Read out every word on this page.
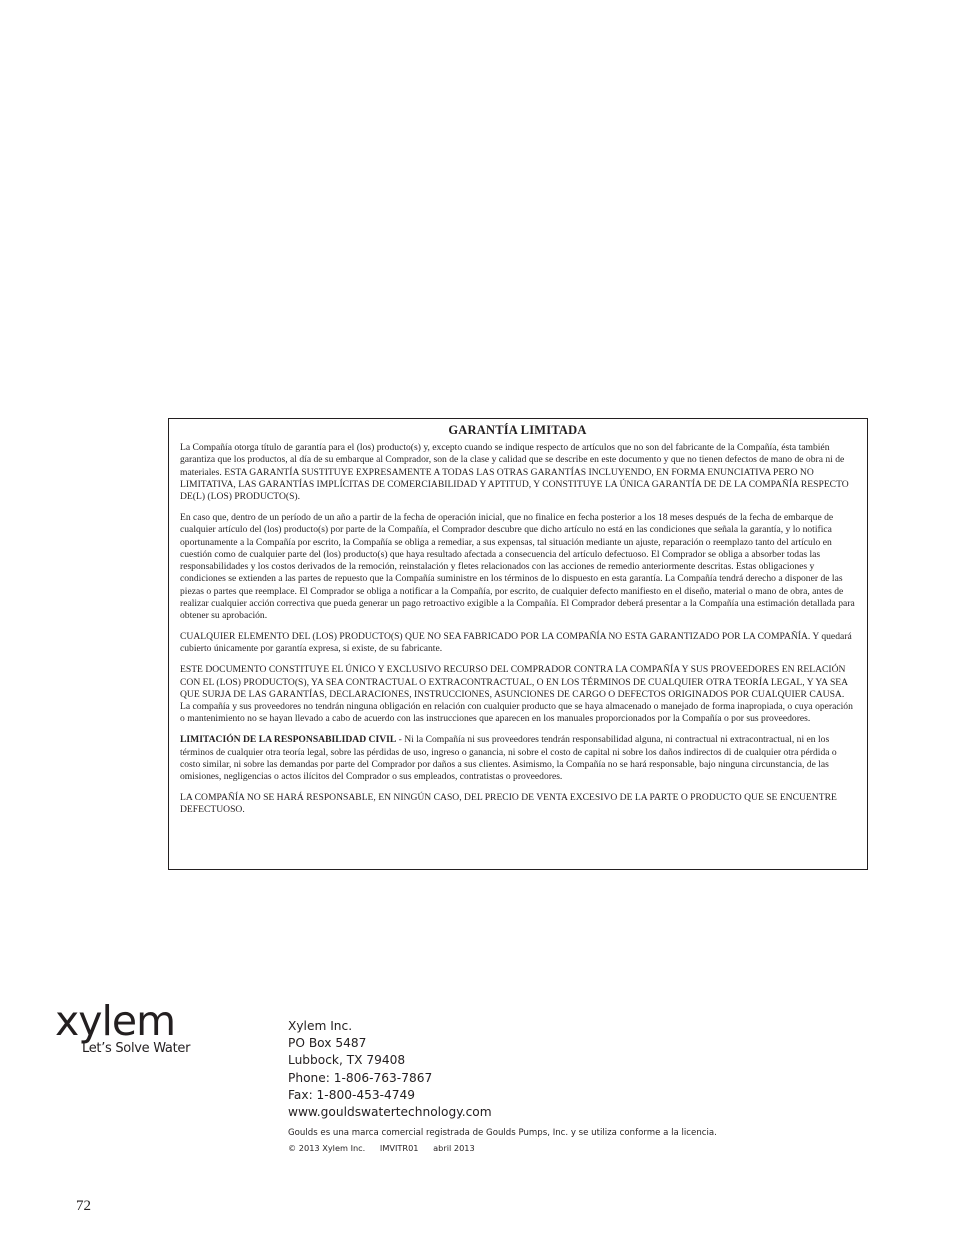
GARANTÍA LIMITADA

La Compañía otorga título de garantía para el (los) producto(s) y, excepto cuando se indique respecto de artículos que no son del fabricante de la Compañía, ésta también garantiza que los productos, al día de su embarque al Comprador, son de la clase y calidad que se describe en este documento y que no tienen defectos de mano de obra ni de materiales. ESTA GARANTÍA SUSTITUYE EXPRESAMENTE A TODAS LAS OTRAS GARANTÍAS INCLUYENDO, EN FORMA ENUNCIATIVA PERO NO LIMITATIVA, LAS GARANTÍAS IMPLÍCITAS DE COMERCIABILIDAD Y APTITUD, Y CONSTITUYE LA ÚNICA GARANTÍA DE DE LA COMPAÑÍA RESPECTO DE(L) (LOS) PRODUCTO(S).

En caso que, dentro de un período de un año a partir de la fecha de operación inicial, que no finalice en fecha posterior a los 18 meses después de la fecha de embarque de cualquier artículo del (los) producto(s) por parte de la Compañía, el Comprador descubre que dicho artículo no está en las condiciones que señala la garantía, y lo notifica oportunamente a la Compañía por escrito, la Compañía se obliga a remediar, a sus expensas, tal situación mediante un ajuste, reparación o reemplazo tanto del artículo en cuestión como de cualquier parte del (los) producto(s) que haya resultado afectada a consecuencia del artículo defectuoso. El Comprador se obliga a absorber todas las responsabilidades y los costos derivados de la remoción, reinstalación y fletes relacionados con las acciones de remedio anteriormente descritas. Estas obligaciones y condiciones se extienden a las partes de repuesto que la Compañía suministre en los términos de lo dispuesto en esta garantía. La Compañía tendrá derecho a disponer de las piezas o partes que reemplace. El Comprador se obliga a notificar a la Compañía, por escrito, de cualquier defecto manifiesto en el diseño, material o mano de obra, antes de realizar cualquier acción correctiva que pueda generar un pago retroactivo exigible a la Compañía. El Comprador deberá presentar a la Compañía una estimación detallada para obtener su aprobación.

CUALQUIER ELEMENTO DEL (LOS) PRODUCTO(S) QUE NO SEA FABRICADO POR LA COMPAÑÍA NO ESTA GARANTIZADO POR LA COMPAÑÍA. Y quedará cubierto únicamente por garantía expresa, si existe, de su fabricante.

ESTE DOCUMENTO CONSTITUYE EL ÚNICO Y EXCLUSIVO RECURSO DEL COMPRADOR CONTRA LA COMPAÑÍA Y SUS PROVEEDORES EN RELACIÓN CON EL (LOS) PRODUCTO(S), YA SEA CONTRACTUAL O EXTRACONTRACTUAL, O EN LOS TÉRMINOS DE CUALQUIER OTRA TEORÍA LEGAL, Y YA SEA QUE SURJA DE LAS GARANTÍAS, DECLARACIONES, INSTRUCCIONES, ASUNCIONES DE CARGO O DEFECTOS ORIGINADOS POR CUALQUIER CAUSA. La compañía y sus proveedores no tendrán ninguna obligación en relación con cualquier producto que se haya almacenado o manejado de forma inapropiada, o cuya operación o mantenimiento no se hayan llevado a cabo de acuerdo con las instrucciones que aparecen en los manuales proporcionados por la Compañía o por sus proveedores.

LIMITACIÓN DE LA RESPONSABILIDAD CIVIL - Ni la Compañía ni sus proveedores tendrán responsabilidad alguna, ni contractual ni extracontractual, ni en los términos de cualquier otra teoría legal, sobre las pérdidas de uso, ingreso o ganancia, ni sobre el costo de capital ni sobre los daños indirectos di de cualquier otra pérdida o costo similar, ni sobre las demandas por parte del Comprador por daños a sus clientes. Asimismo, la Compañía no se hará responsable, bajo ninguna circunstancia, de las omisiones, negligencias o actos ilícitos del Comprador o sus empleados, contratistas o proveedores.

LA COMPAÑÍA NO SE HARÁ RESPONSABLE, EN NINGÚN CASO, DEL PRECIO DE VENTA EXCESIVO DE LA PARTE O PRODUCTO QUE SE ENCUENTRE DEFECTUOSO.

xylem
Let’s Solve Water
Xylem Inc.
PO Box 5487
Lubbock, TX 79408
Phone: 1-806-763-7867
Fax: 1-800-453-4749
www.gouldswatertechnology.com
Goulds es una marca comercial registrada de Goulds Pumps, Inc. y se utiliza conforme a la licencia.
© 2013 Xylem Inc. IMVITR01 abril 2013
72
